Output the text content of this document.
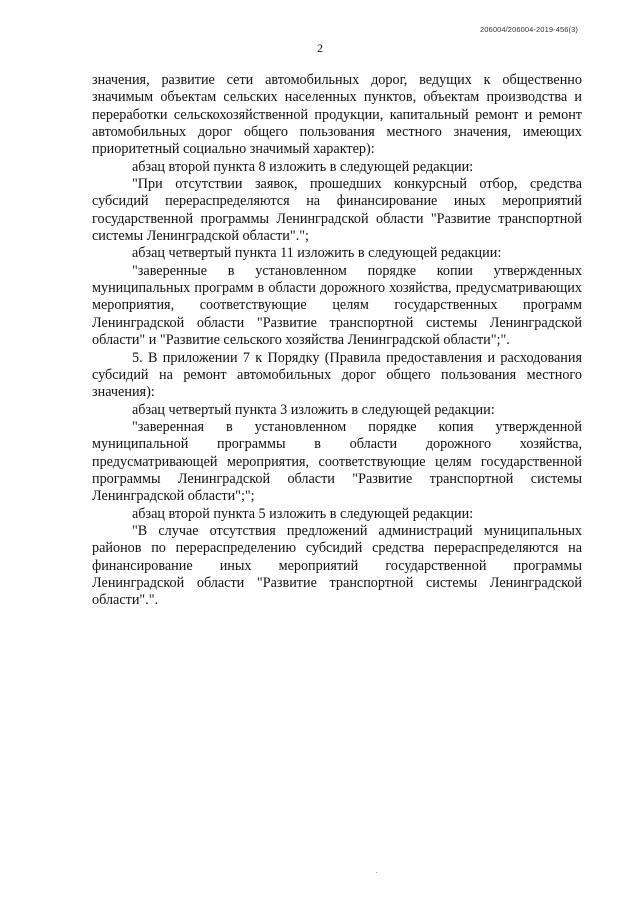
206004/206004-2019-456(3)
2

значения, развитие сети автомобильных дорог, ведущих к общественно значимым объектам сельских населенных пунктов, объектам производства и переработки сельскохозяйственной продукции, капитальный ремонт и ремонт автомобильных дорог общего пользования местного значения, имеющих приоритетный социально значимый характер):

абзац второй пункта 8 изложить в следующей редакции:

"При отсутствии заявок, прошедших конкурсный отбор, средства субсидий перераспределяются на финансирование иных мероприятий государственной программы Ленинградской области "Развитие транспортной системы Ленинградской области".";

абзац четвертый пункта 11 изложить в следующей редакции:

"заверенные в установленном порядке копии утвержденных муниципальных программ в области дорожного хозяйства, предусматривающих мероприятия, соответствующие целям государственных программ Ленинградской области "Развитие транспортной системы Ленинградской области" и "Развитие сельского хозяйства Ленинградской области";".

5. В приложении 7 к Порядку (Правила предоставления и расходования субсидий на ремонт автомобильных дорог общего пользования местного значения):

абзац четвертый пункта 3 изложить в следующей редакции:

"заверенная в установленном порядке копия утвержденной муниципальной программы в области дорожного хозяйства, предусматривающей мероприятия, соответствующие целям государственной программы Ленинградской области "Развитие транспортной системы Ленинградской области";";

абзац второй пункта 5 изложить в следующей редакции:

"В случае отсутствия предложений администраций муниципальных районов по перераспределению субсидий средства перераспределяются на финансирование иных мероприятий государственной программы Ленинградской области "Развитие транспортной системы Ленинградской области".".
